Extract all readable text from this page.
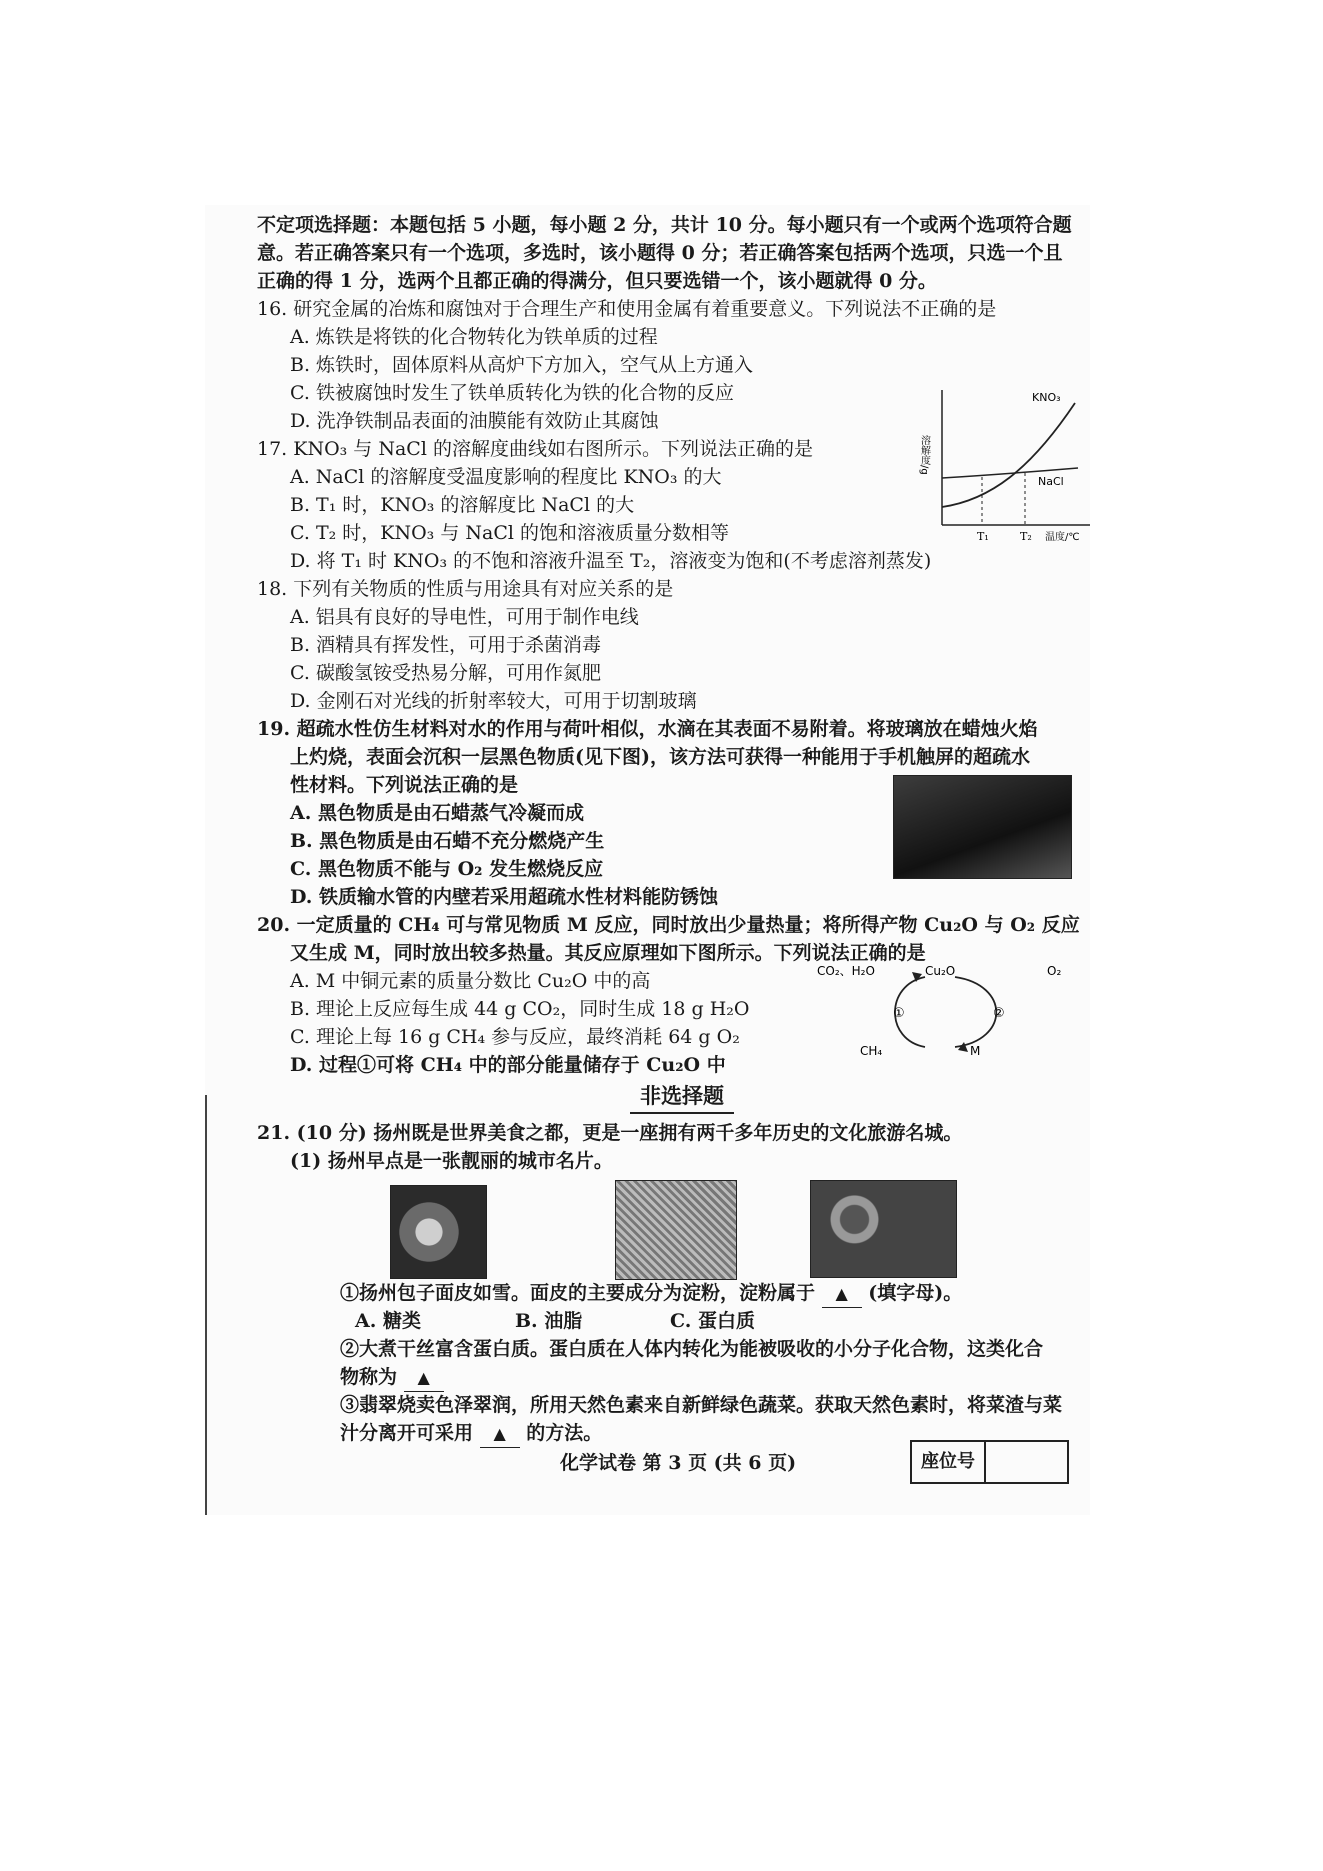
不定项选择题：本题包括 5 小题，每小题 2 分，共计 10 分。每小题只有一个或两个选项符合题
意。若正确答案只有一个选项，多选时，该小题得 0 分；若正确答案包括两个选项，只选一个且
正确的得 1 分，选两个且都正确的得满分，但只要选错一个，该小题就得 0 分。
16. 研究金属的冶炼和腐蚀对于合理生产和使用金属有着重要意义。下列说法不正确的是
A. 炼铁是将铁的化合物转化为铁单质的过程
B. 炼铁时，固体原料从高炉下方加入，空气从上方通入
C. 铁被腐蚀时发生了铁单质转化为铁的化合物的反应
D. 洗净铁制品表面的油膜能有效防止其腐蚀
17. KNO₃ 与 NaCl 的溶解度曲线如右图所示。下列说法正确的是
A. NaCl 的溶解度受温度影响的程度比 KNO₃ 的大
B. T₁ 时，KNO₃ 的溶解度比 NaCl 的大
C. T₂ 时，KNO₃ 与 NaCl 的饱和溶液质量分数相等
D. 将 T₁ 时 KNO₃ 的不饱和溶液升温至 T₂，溶液变为饱和(不考虑溶剂蒸发)
溶解度/g
KNO₃
NaCl
T₁	T₂ 温度/℃
18. 下列有关物质的性质与用途具有对应关系的是
A. 铝具有良好的导电性，可用于制作电线
B. 酒精具有挥发性，可用于杀菌消毒
C. 碳酸氢铵受热易分解，可用作氮肥
D. 金刚石对光线的折射率较大，可用于切割玻璃
19. 超疏水性仿生材料对水的作用与荷叶相似，水滴在其表面不易附着。将玻璃放在蜡烛火焰
上灼烧，表面会沉积一层黑色物质(见下图)，该方法可获得一种能用于手机触屏的超疏水
性材料。下列说法正确的是
A. 黑色物质是由石蜡蒸气冷凝而成
B. 黑色物质是由石蜡不充分燃烧产生
C. 黑色物质不能与 O₂ 发生燃烧反应
D. 铁质输水管的内壁若采用超疏水性材料能防锈蚀
20. 一定质量的 CH₄ 可与常见物质 M 反应，同时放出少量热量；将所得产物 Cu₂O 与 O₂ 反应
又生成 M，同时放出较多热量。其反应原理如下图所示。下列说法正确的是
A. M 中铜元素的质量分数比 Cu₂O 中的高
B. 理论上反应每生成 44 g CO₂，同时生成 18 g H₂O
C. 理论上每 16 g CH₄ 参与反应，最终消耗 64 g O₂
D. 过程①可将 CH₄ 中的部分能量储存于 Cu₂O 中
CO₂、H₂O	Cu₂O	O₂
CH₄	M
①	②
非选择题
21. (10 分) 扬州既是世界美食之都，更是一座拥有两千多年历史的文化旅游名城。
(1) 扬州早点是一张靓丽的城市名片。
①扬州包子面皮如雪。面皮的主要成分为淀粉，淀粉属于 ▲ (填字母)。
A. 糖类	B. 油脂	C. 蛋白质
②大煮干丝富含蛋白质。蛋白质在人体内转化为能被吸收的小分子化合物，这类化合
物称为 ▲
③翡翠烧卖色泽翠润，所用天然色素来自新鲜绿色蔬菜。获取天然色素时，将菜渣与菜
汁分离开可采用 ▲ 的方法。
化学试卷 第 3 页 (共 6 页)	座位号
